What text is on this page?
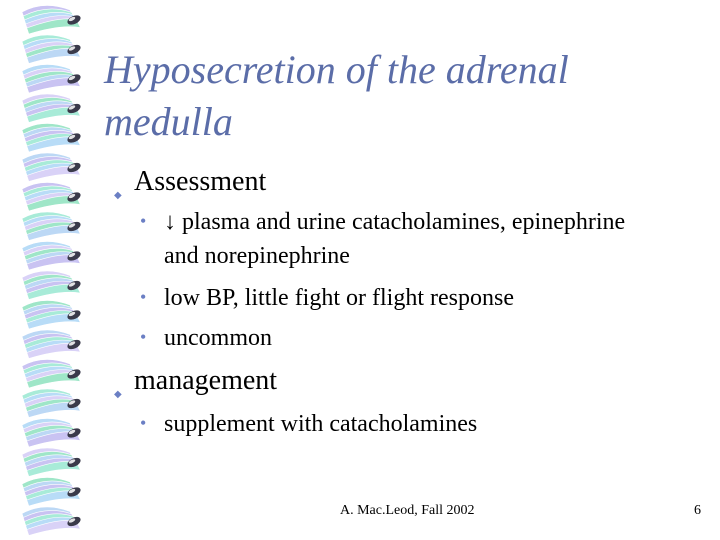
Hyposecretion of the adrenal
medulla
◆ Assessment
• ↓ plasma and urine catacholamines, epinephrine
and norepinephrine
• low BP, little fight or flight response
• uncommon
◆ management
• supplement with catacholamines
A. Mac.Leod, Fall 2002	6
